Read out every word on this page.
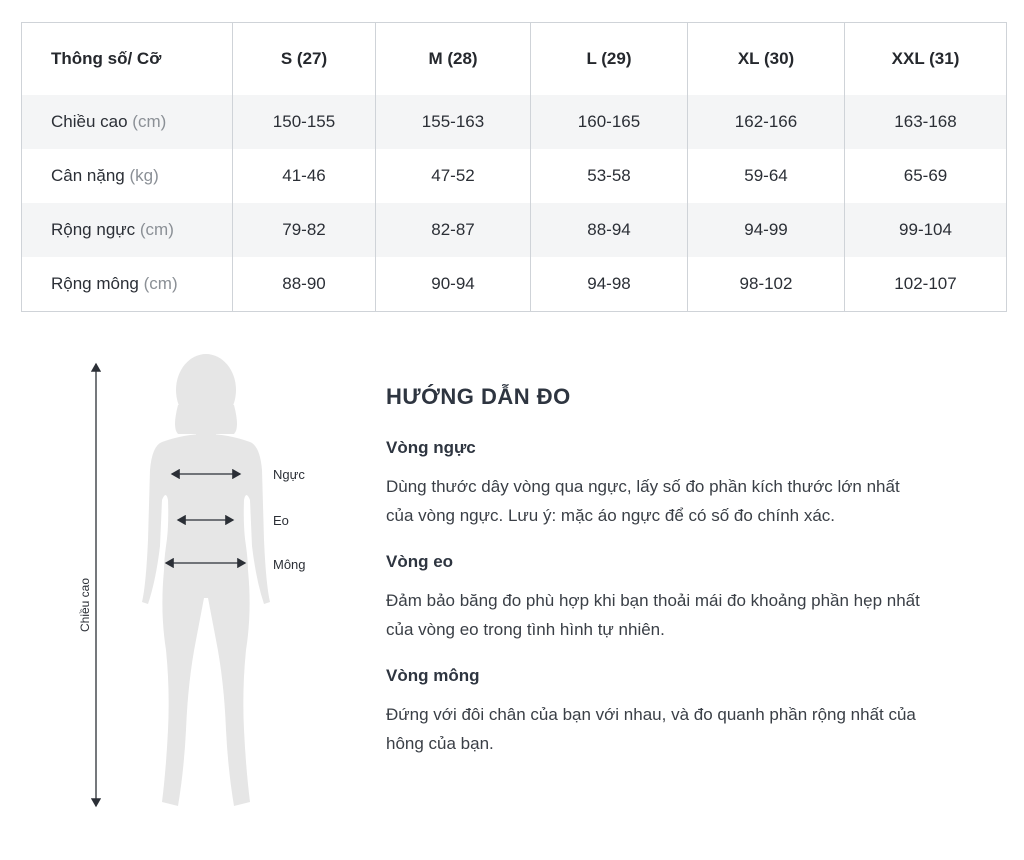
Thông số/ Cỡ	S (27)	M (28)	L (29)	XL (30)	XXL (31)
Chiều cao (cm)	150-155	155-163	160-165	162-166	163-168
Cân nặng (kg)	41-46	47-52	53-58	59-64	65-69
Rộng ngực (cm)	79-82	82-87	88-94	94-99	99-104
Rộng mông (cm)	88-90	90-94	94-98	98-102	102-107
Ngực
Eo
Mông
Chiều cao
HƯỚNG DẪN ĐO
Vòng ngực

Dùng thước dây vòng qua ngực, lấy số đo phần kích thước lớn nhất của vòng ngực. Lưu ý: mặc áo ngực để có số đo chính xác.

Vòng eo

Đảm bảo băng đo phù hợp khi bạn thoải mái đo khoảng phần hẹp nhất của vòng eo trong tình hình tự nhiên.

Vòng mông

Đứng với đôi chân của bạn với nhau, và đo quanh phần rộng nhất của hông của bạn.
